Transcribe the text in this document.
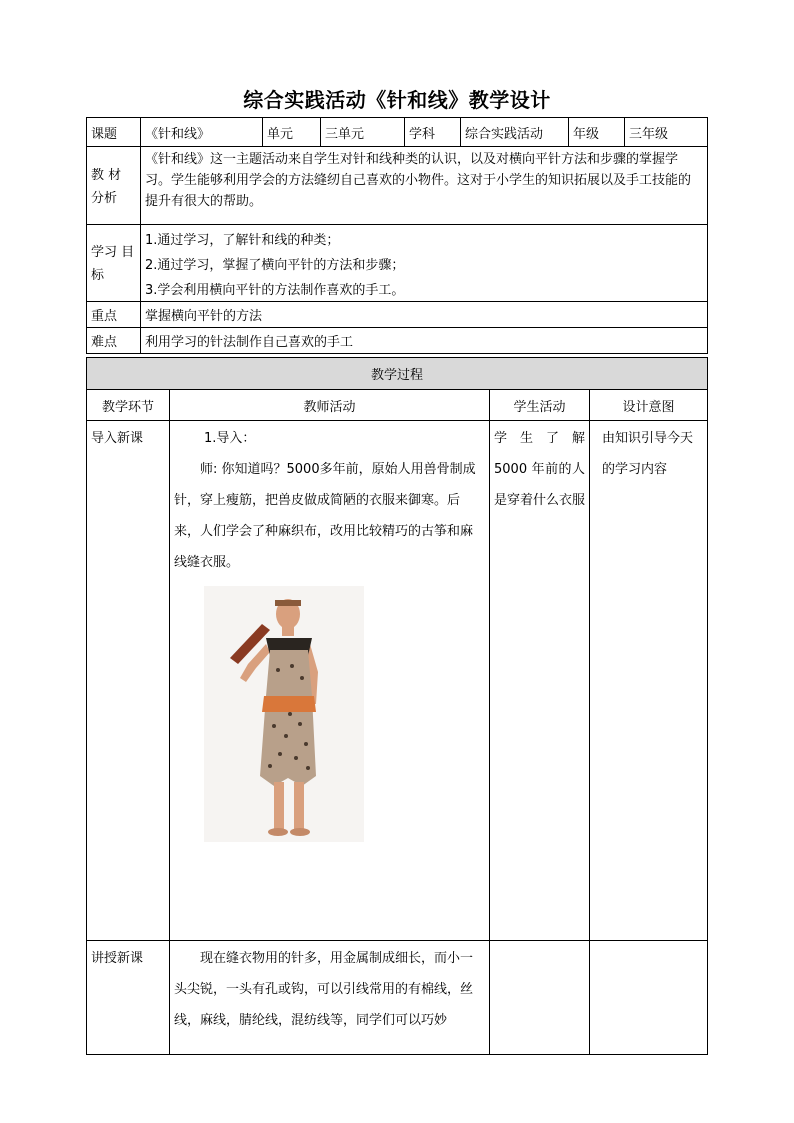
综合实践活动《针和线》教学设计
课题	《针和线》	单元	三单元	学科	综合实践活动	年级	三年级
教 材 分析	《针和线》这一主题活动来自学生对针和线种类的认识，以及对横向平针方法和步骤的掌握学习。学生能够利用学会的方法缝纫自己喜欢的小物件。这对于小学生的知识拓展以及手工技能的提升有很大的帮助。						
学习 目标	1.通过学习，了解针和线的种类；
2.通过学习，掌握了横向平针的方法和步骤；
3.学会利用横向平针的方法制作喜欢的手工。						

重点	掌握横向平针的方法						
难点	利用学习的针法制作自己喜欢的手工						
教学过程			
教学环节	教师活动	学生活动	设计意图
导入新课	1.导入：
师: 你知道吗？5000多年前，原始人用兽骨制成针，穿上瘦筋，把兽皮做成简陋的衣服来御寒。后来，人们学会了种麻织布，改用比较精巧的古筝和麻线缝衣服。	学 生 了 解 5000 年前的人是穿着什么衣服	由知识引导今天的学习内容
讲授新课	现在缝衣物用的针多，用金属制成细长，而小一头尖锐，一头有孔或钩，可以引线常用的有棉线，丝线，麻线，腈纶线，混纺线等，同学们可以巧妙		
